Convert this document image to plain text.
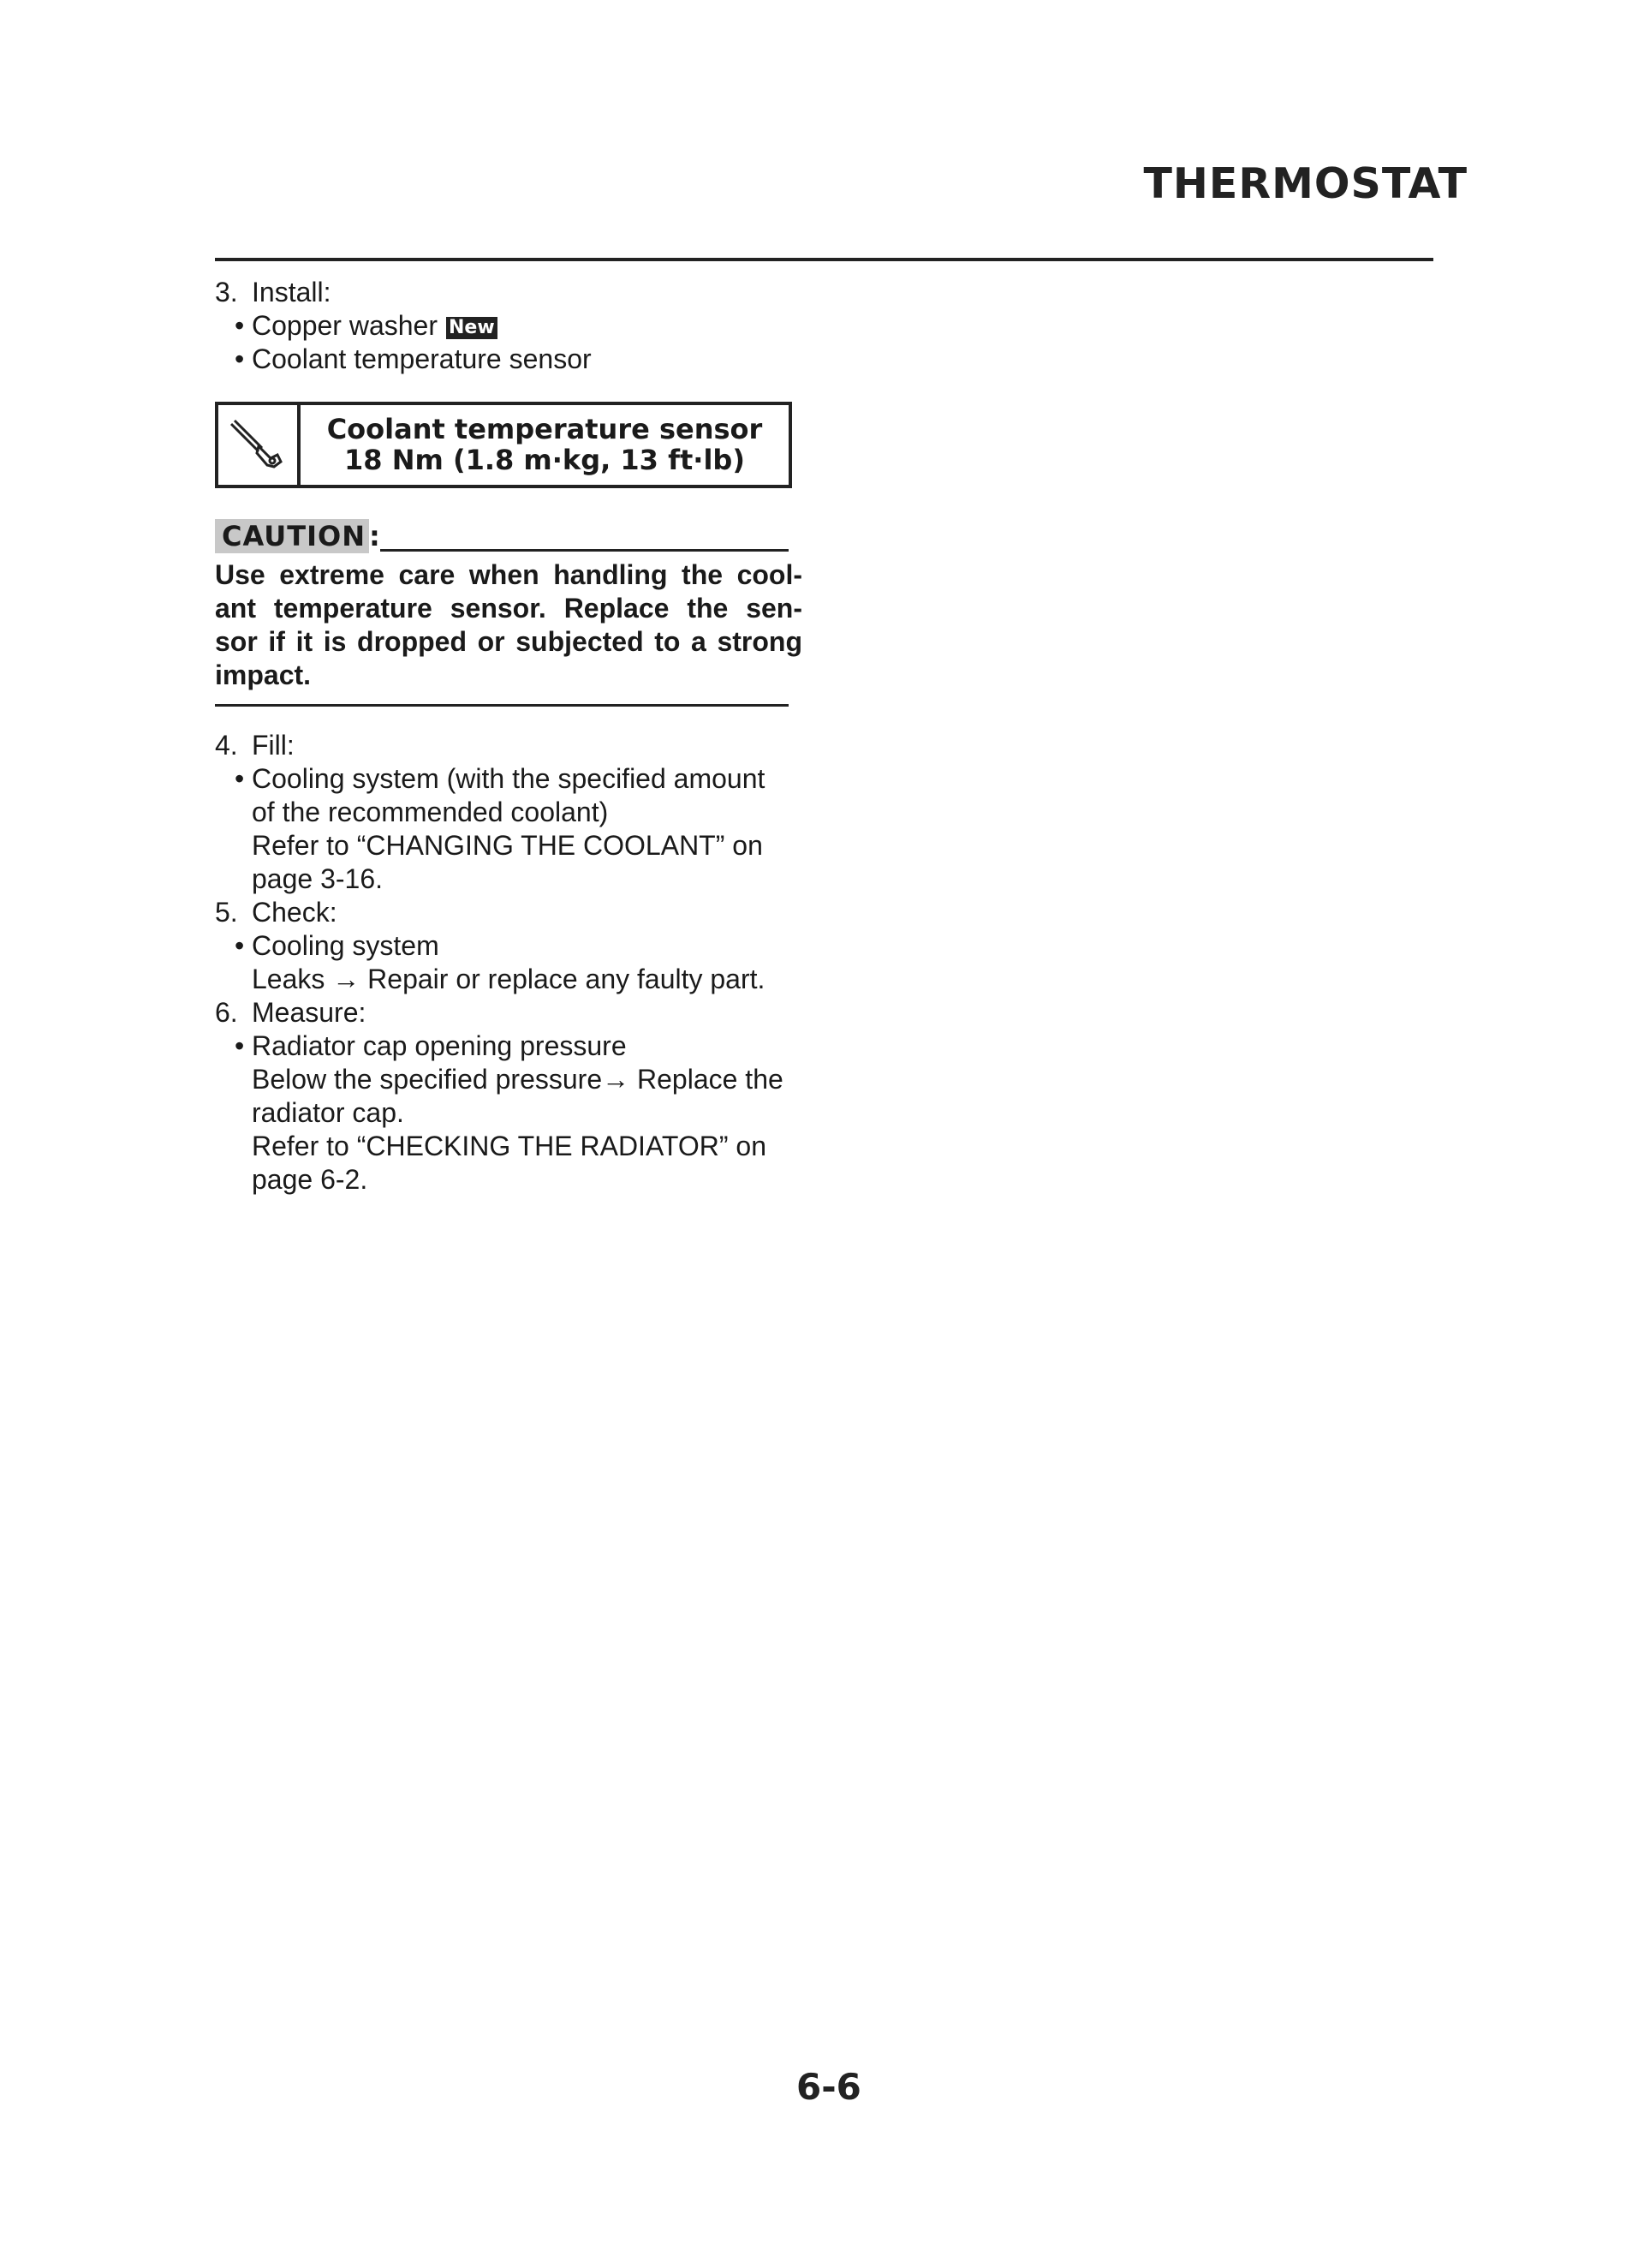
THERMOSTAT
3. Install:
• Copper washer New
• Coolant temperature sensor
Coolant temperature sensor
18 Nm (1.8 m·kg, 13 ft·lb)
CAUTION :
Use extreme care when handling the cool-
ant temperature sensor. Replace the sen-
sor if it is dropped or subjected to a strong
impact.
4. Fill:
• Cooling system (with the specified amount
of the recommended coolant)
Refer to “CHANGING THE COOLANT” on
page 3-16.
5. Check:
• Cooling system
Leaks → Repair or replace any faulty part.
6. Measure:
• Radiator cap opening pressure
Below the specified pressure→ Replace the
radiator cap.
Refer to “CHECKING THE RADIATOR” on
page 6-2.
6-6
